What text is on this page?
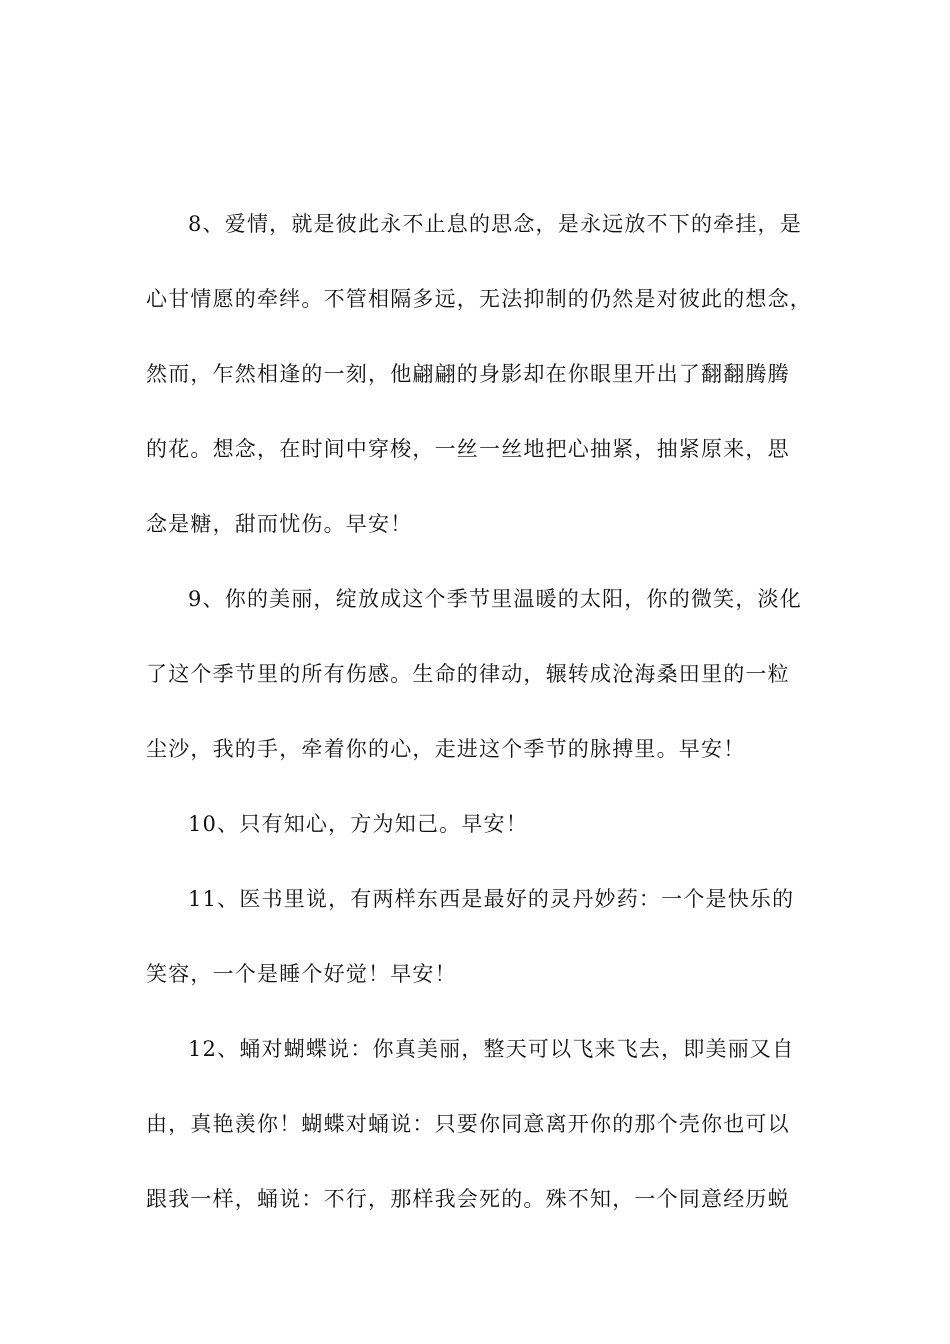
8、爱情，就是彼此永不止息的思念，是永远放不下的牵挂，是
心甘情愿的牵绊。不管相隔多远，无法抑制的仍然是对彼此的想念，
然而，乍然相逢的一刻，他翩翩的身影却在你眼里开出了翻翻腾腾
的花。想念，在时间中穿梭，一丝一丝地把心抽紧，抽紧原来，思
念是糖，甜而忧伤。早安！
9、你的美丽，绽放成这个季节里温暖的太阳，你的微笑，淡化
了这个季节里的所有伤感。生命的律动，辗转成沧海桑田里的一粒
尘沙，我的手，牵着你的心，走进这个季节的脉搏里。早安！
10、只有知心，方为知己。早安！
11、医书里说，有两样东西是最好的灵丹妙药：一个是快乐的
笑容，一个是睡个好觉！早安！
12、蛹对蝴蝶说：你真美丽，整天可以飞来飞去，即美丽又自
由，真艳羡你！蝴蝶对蛹说：只要你同意离开你的那个壳你也可以
跟我一样，蛹说：不行，那样我会死的。殊不知，一个同意经历蜕
